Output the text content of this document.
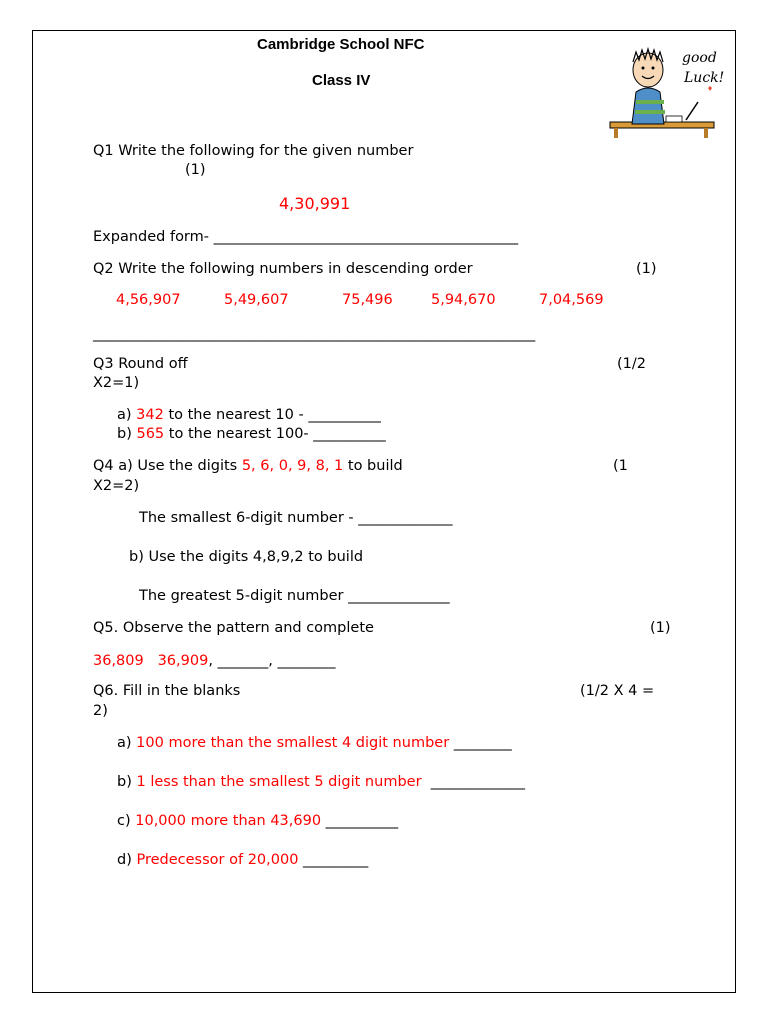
Cambridge School NFC
Class IV
good
Luck!
Q1 Write the following for the given number
(1)
4,30,991
Expanded form- __________________________________________
Q2 Write the following numbers in descending order	(1)
4,56,907	5,49,607	75,496	5,94,670	7,04,569
_____________________________________________________________
Q3 Round off	(1/2
X2=1)
a) 342 to the nearest 10 - __________
b) 565 to the nearest 100- __________
Q4 a) Use the digits 5, 6, 0, 9, 8, 1 to build	(1
X2=2)
The smallest 6-digit number - _____________
b) Use the digits 4,8,9,2 to build
The greatest 5-digit number ______________
Q5. Observe the pattern and complete	(1)
36,809   36,909, _______, ________
Q6. Fill in the blanks	(1/2 X 4 =
2)
a) 100 more than the smallest 4 digit number ________
b) 1 less than the smallest 5 digit number  _____________
c) 10,000 more than 43,690 __________
d) Predecessor of 20,000 _________
